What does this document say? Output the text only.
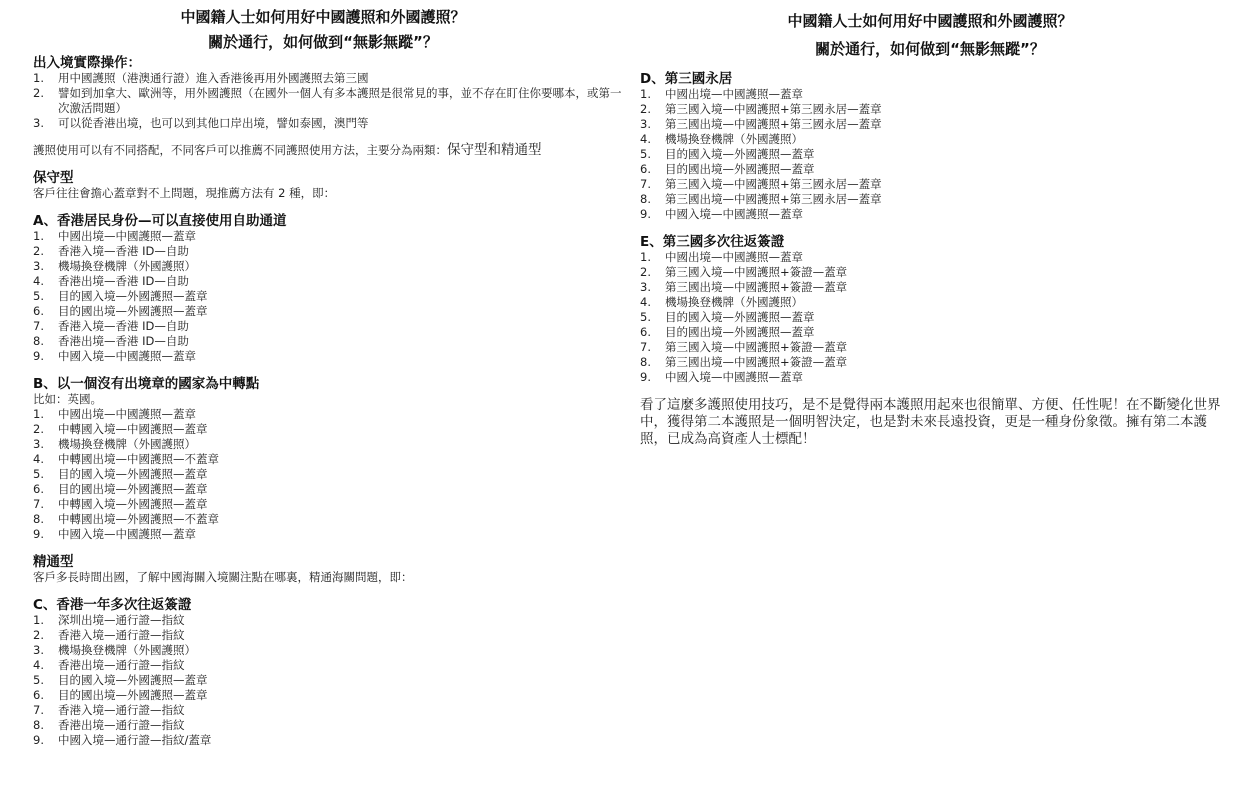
中國籍人士如何用好中國護照和外國護照？
關於通行，如何做到“無影無蹤”？
出入境實際操作：
1.	用中國護照（港澳通行證）進入香港後再用外國護照去第三國
2.	譬如到加拿大、歐洲等，用外國護照（在國外一個人有多本護照是很常見的事，並不存在盯住你要哪本，或第一次激活問題）
3.	可以從香港出境，也可以到其他口岸出境，譬如泰國，澳門等
護照使用可以有不同搭配，不同客戶可以推薦不同護照使用方法，主要分為兩類：保守型和精通型
保守型
客戶往往會擔心蓋章對不上問題，現推薦方法有 2 種，即：
A、香港居民身份—可以直接使用自助通道
1.	中國出境—中國護照—蓋章
2.	香港入境—香港 ID—自助
3.	機場換登機牌（外國護照）
4.	香港出境—香港 ID—自助
5.	目的國入境—外國護照—蓋章
6.	目的國出境—外國護照—蓋章
7.	香港入境—香港 ID—自助
8.	香港出境—香港 ID—自助
9.	中國入境—中國護照—蓋章
B、以一個沒有出境章的國家為中轉點
比如：英國。
1.	中國出境—中國護照—蓋章
2.	中轉國入境—中國護照—蓋章
3.	機場換登機牌（外國護照）
4.	中轉國出境—中國護照—不蓋章
5.	目的國入境—外國護照—蓋章
6.	目的國出境—外國護照—蓋章
7.	中轉國入境—外國護照—蓋章
8.	中轉國出境—外國護照—不蓋章
9.	中國入境—中國護照—蓋章
精通型
客戶多長時間出國，了解中國海關入境關注點在哪裏，精通海關問題，即：
C、香港一年多次往返簽證
1.	深圳出境—通行證—指紋
2.	香港入境—通行證—指紋
3.	機場換登機牌（外國護照）
4.	香港出境—通行證—指紋
5.	目的國入境—外國護照—蓋章
6.	目的國出境—外國護照—蓋章
7.	香港入境—通行證—指紋
8.	香港出境—通行證—指紋
9.	中國入境—通行證—指紋/蓋章
中國籍人士如何用好中國護照和外國護照？
關於通行，如何做到“無影無蹤”？
D、第三國永居
1.	中國出境—中國護照—蓋章
2.	第三國入境—中國護照+第三國永居—蓋章
3.	第三國出境—中國護照+第三國永居—蓋章
4.	機場換登機牌（外國護照）
5.	目的國入境—外國護照—蓋章
6.	目的國出境—外國護照—蓋章
7.	第三國入境—中國護照+第三國永居—蓋章
8.	第三國出境—中國護照+第三國永居—蓋章
9.	中國入境—中國護照—蓋章
E、第三國多次往返簽證
1.	中國出境—中國護照—蓋章
2.	第三國入境—中國護照+簽證—蓋章
3.	第三國出境—中國護照+簽證—蓋章
4.	機場換登機牌（外國護照）
5.	目的國入境—外國護照—蓋章
6.	目的國出境—外國護照—蓋章
7.	第三國入境—中國護照+簽證—蓋章
8.	第三國出境—中國護照+簽證—蓋章
9.	中國入境—中國護照—蓋章
看了這麼多護照使用技巧，是不是覺得兩本護照用起來也很簡單、方便、任性呢！在不斷變化世界中，獲得第二本護照是一個明智決定，也是對未來長遠投資，更是一種身份象徵。擁有第二本護照，已成為高資產人士標配！
